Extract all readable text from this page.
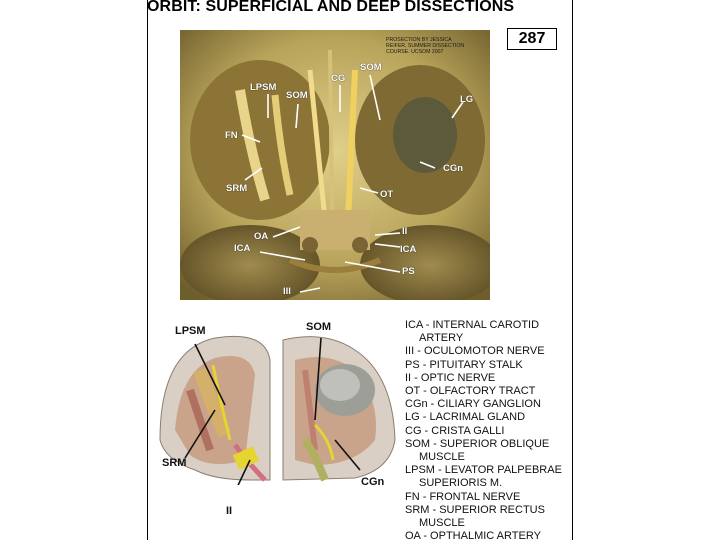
ORBIT: SUPERFICIAL AND DEEP DISSECTIONS
287
PROSECTION BY JESSICA
REIFER, SUMMER DISSECTION
COURSE. UCSOM 2007
LPSM
SOM
CG
SOM
LG
FN
SRM
CGn
OT
OA	II
ICA	ICA
PS
III
LPSM
SRM
II
SOM
CGn
ICA - INTERNAL CAROTID
ARTERY
III - OCULOMOTOR NERVE
PS - PITUITARY STALK
II - OPTIC NERVE
OT - OLFACTORY TRACT
CGn - CILIARY GANGLION
LG - LACRIMAL GLAND
CG - CRISTA GALLI
SOM - SUPERIOR OBLIQUE
MUSCLE
LPSM - LEVATOR PALPEBRAE
SUPERIORIS M.
FN - FRONTAL NERVE
SRM - SUPERIOR RECTUS
MUSCLE
OA - OPTHALMIC ARTERY
